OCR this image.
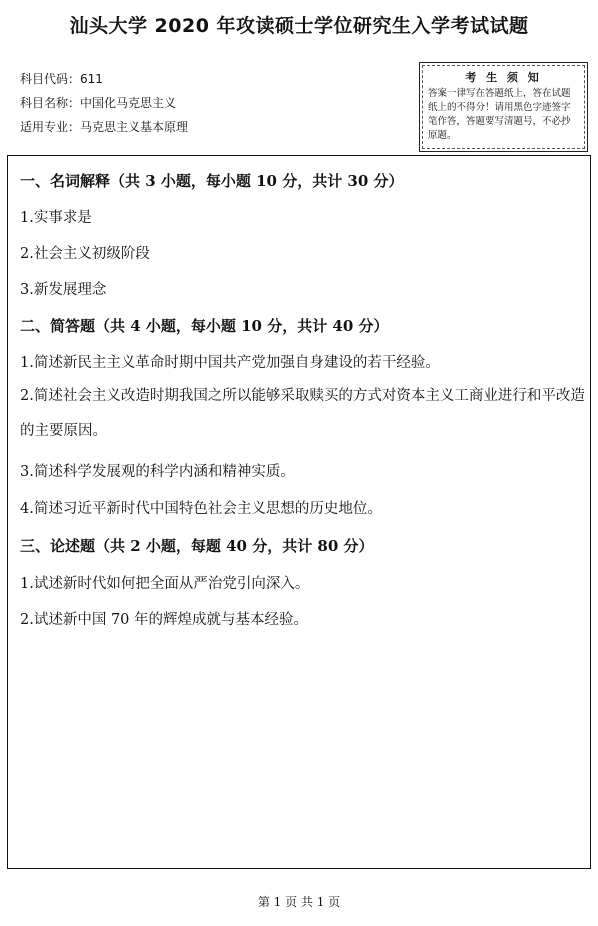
汕头大学 2020 年攻读硕士学位研究生入学考试试题
科目代码：611
科目名称：中国化马克思主义
适用专业：马克思主义基本原理
考 生 须 知
答案一律写在答题纸上，答在试题纸上的不得分！请用黑色字迹签字笔作答，答题要写清题号，不必抄原题。
一、名词解释（共 3 小题，每小题 10 分，共计 30 分）
1.实事求是
2.社会主义初级阶段
3.新发展理念
二、简答题（共 4 小题，每小题 10 分，共计 40 分）
1.简述新民主主义革命时期中国共产党加强自身建设的若干经验。
2.简述社会主义改造时期我国之所以能够采取赎买的方式对资本主义工商业进行和平改造的主要原因。
3.简述科学发展观的科学内涵和精神实质。
4.简述习近平新时代中国特色社会主义思想的历史地位。
三、论述题（共 2 小题，每题 40 分，共计 80 分）
1.试述新时代如何把全面从严治党引向深入。
2.试述新中国 70 年的辉煌成就与基本经验。
第 1 页 共 1 页
